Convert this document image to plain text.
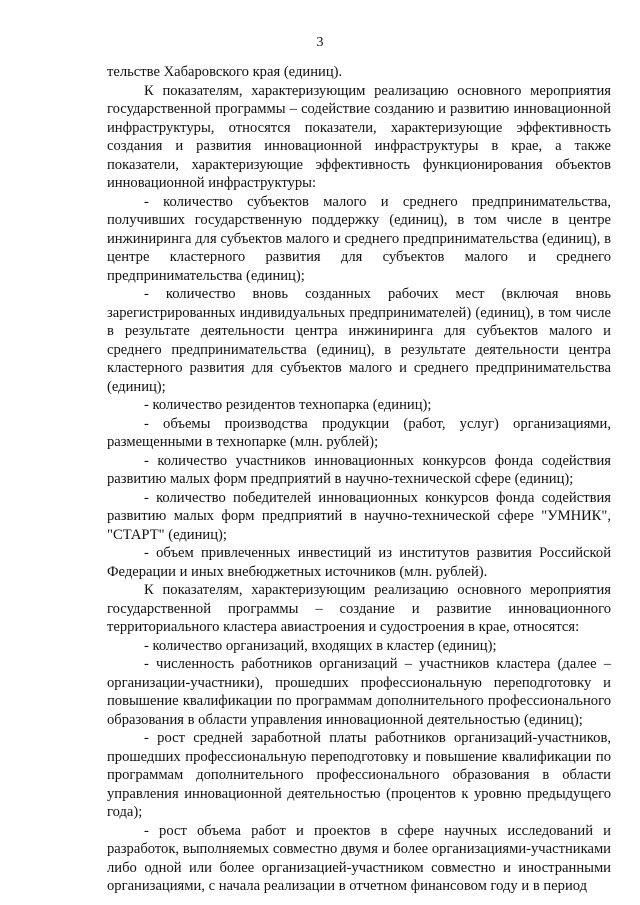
3

тельстве Хабаровского края (единиц).

К показателям, характеризующим реализацию основного мероприятия государственной программы – содействие созданию и развитию инновационной инфраструктуры, относятся показатели, характеризующие эффективность создания и развития инновационной инфраструктуры в крае, а также показатели, характеризующие эффективность функционирования объектов инновационной инфраструктуры:

- количество субъектов малого и среднего предпринимательства, получивших государственную поддержку (единиц), в том числе в центре инжиниринга для субъектов малого и среднего предпринимательства (единиц), в центре кластерного развития для субъектов малого и среднего предпринимательства (единиц);

- количество вновь созданных рабочих мест (включая вновь зарегистрированных индивидуальных предпринимателей) (единиц), в том числе в результате деятельности центра инжиниринга для субъектов малого и среднего предпринимательства (единиц), в результате деятельности центра кластерного развития для субъектов малого и среднего предпринимательства (единиц);

- количество резидентов технопарка (единиц);

- объемы производства продукции (работ, услуг) организациями, размещенными в технопарке (млн. рублей);

- количество участников инновационных конкурсов фонда содействия развитию малых форм предприятий в научно-технической сфере (единиц);

- количество победителей инновационных конкурсов фонда содействия развитию малых форм предприятий в научно-технической сфере "УМНИК", "СТАРТ" (единиц);

- объем привлеченных инвестиций из институтов развития Российской Федерации и иных внебюджетных источников (млн. рублей).

К показателям, характеризующим реализацию основного мероприятия государственной программы – создание и развитие инновационного территориального кластера авиастроения и судостроения в крае, относятся:

- количество организаций, входящих в кластер (единиц);

- численность работников организаций – участников кластера (далее – организации-участники), прошедших профессиональную переподготовку и повышение квалификации по программам дополнительного профессионального образования в области управления инновационной деятельностью (единиц);

- рост средней заработной платы работников организаций-участников, прошедших профессиональную переподготовку и повышение квалификации по программам дополнительного профессионального образования в области управления инновационной деятельностью (процентов к уровню предыдущего года);

- рост объема работ и проектов в сфере научных исследований и разработок, выполняемых совместно двумя и более организациями-участниками либо одной или более организацией-участником совместно и иностранными организациями, с начала реализации в отчетном финансовом году и в период
